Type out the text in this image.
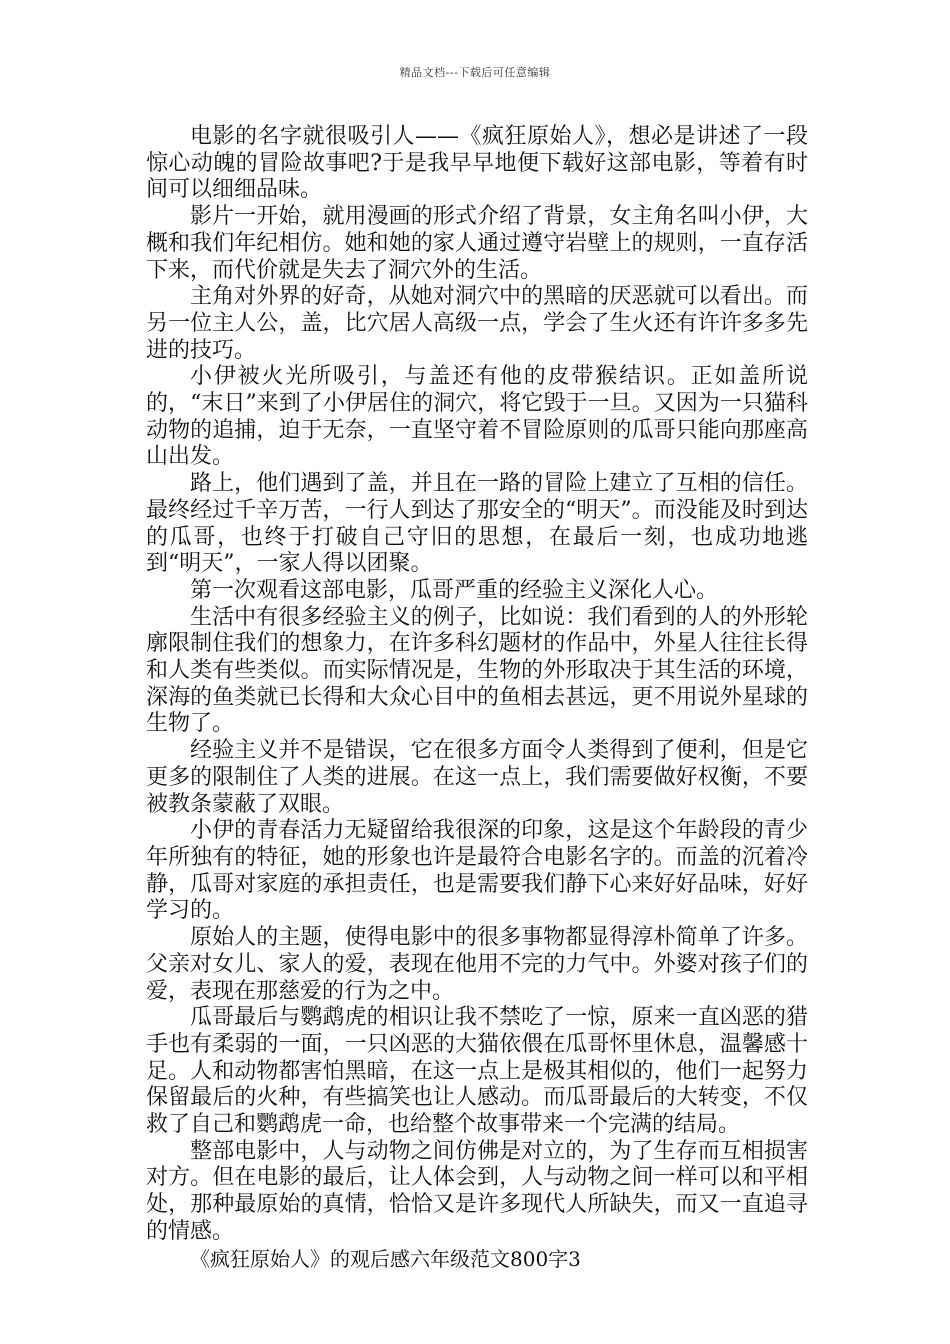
精品文档---下载后可任意编辑

电影的名字就很吸引人——《疯狂原始人》，想必是讲述了一段惊心动魄的冒险故事吧?于是我早早地便下载好这部电影，等着有时间可以细细品味。

影片一开始，就用漫画的形式介绍了背景，女主角名叫小伊，大概和我们年纪相仿。她和她的家人通过遵守岩壁上的规则，一直存活下来，而代价就是失去了洞穴外的生活。

主角对外界的好奇，从她对洞穴中的黑暗的厌恶就可以看出。而另一位主人公，盖，比穴居人高级一点，学会了生火还有许许多多先进的技巧。

小伊被火光所吸引，与盖还有他的皮带猴结识。正如盖所说的，“末日”来到了小伊居住的洞穴，将它毁于一旦。又因为一只猫科动物的追捕，迫于无奈，一直坚守着不冒险原则的瓜哥只能向那座高山出发。

路上，他们遇到了盖，并且在一路的冒险上建立了互相的信任。最终经过千辛万苦，一行人到达了那安全的“明天”。而没能及时到达的瓜哥，也终于打破自己守旧的思想，在最后一刻，也成功地逃到“明天”，一家人得以团聚。

第一次观看这部电影，瓜哥严重的经验主义深化人心。

生活中有很多经验主义的例子，比如说：我们看到的人的外形轮廓限制住我们的想象力，在许多科幻题材的作品中，外星人往往长得和人类有些类似。而实际情况是，生物的外形取决于其生活的环境，深海的鱼类就已长得和大众心目中的鱼相去甚远，更不用说外星球的生物了。

经验主义并不是错误，它在很多方面令人类得到了便利，但是它更多的限制住了人类的进展。在这一点上，我们需要做好权衡，不要被教条蒙蔽了双眼。

小伊的青春活力无疑留给我很深的印象，这是这个年龄段的青少年所独有的特征，她的形象也许是最符合电影名字的。而盖的沉着冷静，瓜哥对家庭的承担责任，也是需要我们静下心来好好品味，好好学习的。

原始人的主题，使得电影中的很多事物都显得淳朴简单了许多。父亲对女儿、家人的爱，表现在他用不完的力气中。外婆对孩子们的爱，表现在那慈爱的行为之中。

瓜哥最后与鹦鹉虎的相识让我不禁吃了一惊，原来一直凶恶的猎手也有柔弱的一面，一只凶恶的大猫依偎在瓜哥怀里休息，温馨感十足。人和动物都害怕黑暗，在这一点上是极其相似的，他们一起努力保留最后的火种，有些搞笑也让人感动。而瓜哥最后的大转变，不仅救了自己和鹦鹉虎一命，也给整个故事带来一个完满的结局。

整部电影中，人与动物之间仿佛是对立的，为了生存而互相损害对方。但在电影的最后，让人体会到，人与动物之间一样可以和平相处，那种最原始的真情，恰恰又是许多现代人所缺失，而又一直追寻的情感。

《疯狂原始人》的观后感六年级范文800字3
